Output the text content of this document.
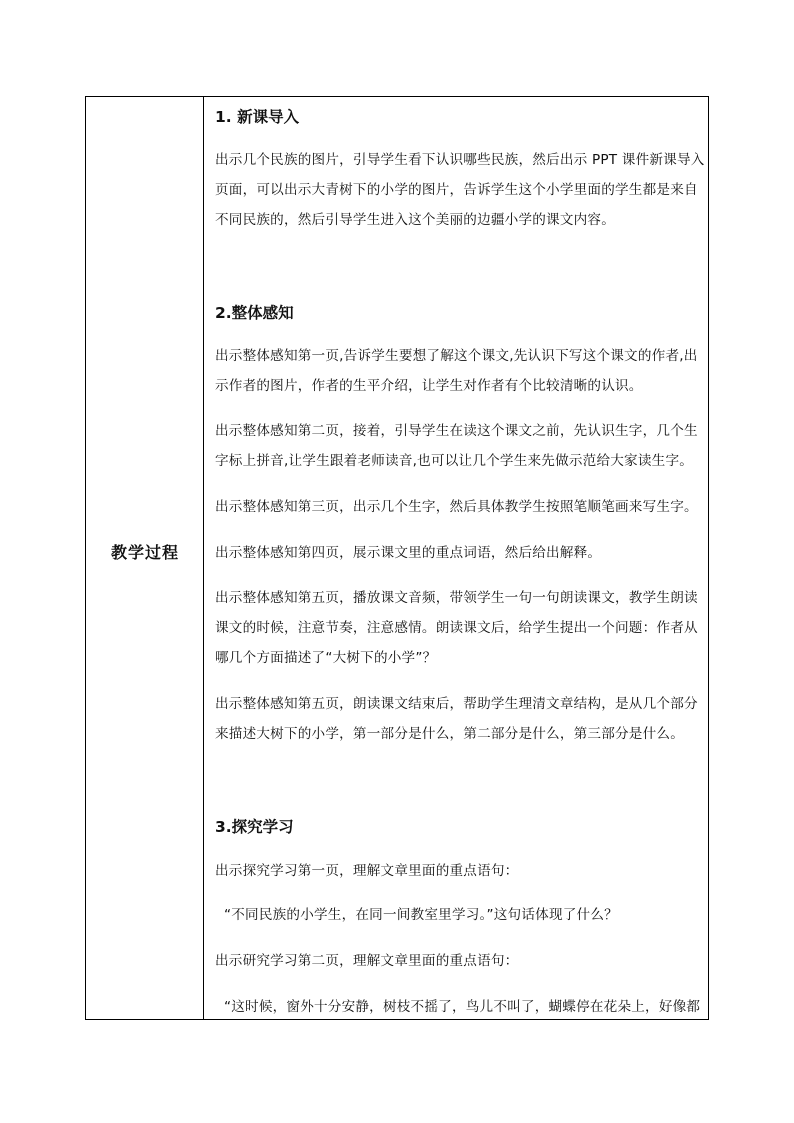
教学过程
1. 新课导入
出示几个民族的图片，引导学生看下认识哪些民族，然后出示 PPT 课件新课导入页面，可以出示大青树下的小学的图片，告诉学生这个小学里面的学生都是来自不同民族的，然后引导学生进入这个美丽的边疆小学的课文内容。
2.整体感知
出示整体感知第一页,告诉学生要想了解这个课文,先认识下写这个课文的作者,出示作者的图片，作者的生平介绍，让学生对作者有个比较清晰的认识。
出示整体感知第二页，接着，引导学生在读这个课文之前，先认识生字，几个生字标上拼音,让学生跟着老师读音,也可以让几个学生来先做示范给大家读生字。
出示整体感知第三页，出示几个生字，然后具体教学生按照笔顺笔画来写生字。
出示整体感知第四页，展示课文里的重点词语，然后给出解释。
出示整体感知第五页，播放课文音频，带领学生一句一句朗读课文，教学生朗读课文的时候，注意节奏，注意感情。朗读课文后，给学生提出一个问题：作者从哪几个方面描述了“大树下的小学”？
出示整体感知第五页，朗读课文结束后，帮助学生理清文章结构，是从几个部分来描述大树下的小学，第一部分是什么，第二部分是什么，第三部分是什么。
3.探究学习
出示探究学习第一页，理解文章里面的重点语句：
“不同民族的小学生，在同一间教室里学习。”这句话体现了什么？
出示研究学习第二页，理解文章里面的重点语句：
“这时候，窗外十分安静，树枝不摇了，鸟儿不叫了，蝴蝶停在花朵上，好像都
